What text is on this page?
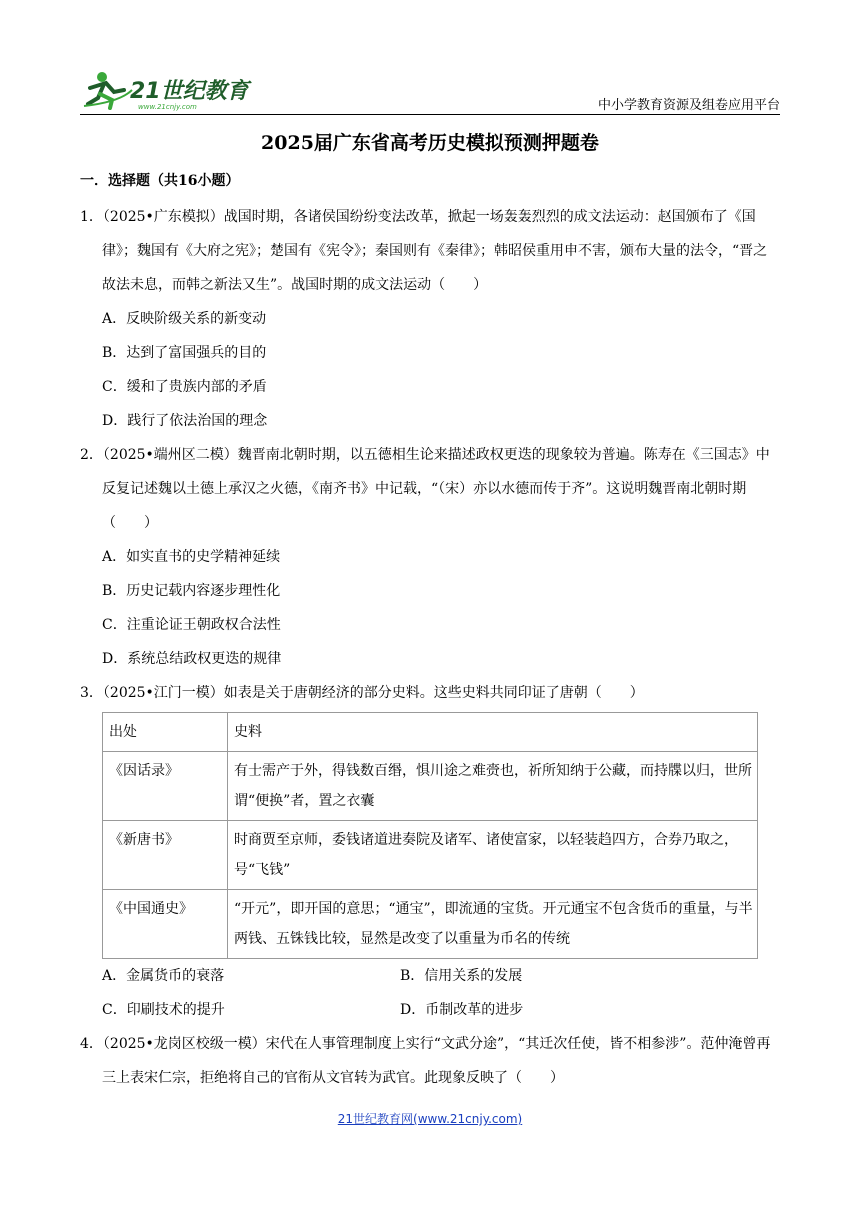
21世纪教育
www.21cnjy.com	中小学教育资源及组卷应用平台
2025届广东省高考历史模拟预测押题卷
一．选择题（共16小题）

1．（2025•广东模拟）战国时期，各诸侯国纷纷变法改革，掀起一场轰轰烈烈的成文法运动：赵国颁布了《国律》；魏国有《大府之宪》；楚国有《宪令》；秦国则有《秦律》；韩昭侯重用申不害，颁布大量的法令，“晋之故法未息，而韩之新法又生”。战国时期的成文法运动（　　）

A．反映阶级关系的新变动

B．达到了富国强兵的目的

C．缓和了贵族内部的矛盾

D．践行了依法治国的理念

2．（2025•端州区二模）魏晋南北朝时期，以五德相生论来描述政权更迭的现象较为普遍。陈寿在《三国志》中反复记述魏以土德上承汉之火德，《南齐书》中记载，“（宋）亦以水德而传于齐”。这说明魏晋南北朝时期（　　）

A．如实直书的史学精神延续

B．历史记载内容逐步理性化

C．注重论证王朝政权合法性

D．系统总结政权更迭的规律

3．（2025•江门一模）如表是关于唐朝经济的部分史料。这些史料共同印证了唐朝（　　）

出处	史料
《因话录》	有士需产于外，得钱数百缗，惧川途之难赍也，祈所知纳于公藏，而持牒以归，世所谓“便换”者，置之衣囊
《新唐书》	时商贾至京师，委钱诸道进奏院及诸军、诸使富家，以轻装趋四方，合券乃取之，号“飞钱”
《中国通史》	“开元”，即开国的意思；“通宝”，即流通的宝货。开元通宝不包含货币的重量，与半两钱、五铢钱比较，显然是改变了以重量为币名的传统
A．金属货币的衰落	B．信用关系的发展
C．印刷技术的提升	D．币制改革的进步

4．（2025•龙岗区校级一模）宋代在人事管理制度上实行“文武分途”，“其迁次任使，皆不相参涉”。范仲淹曾再三上表宋仁宗，拒绝将自己的官衔从文官转为武官。此现象反映了（　　）

21世纪教育网(www.21cnjy.com)
